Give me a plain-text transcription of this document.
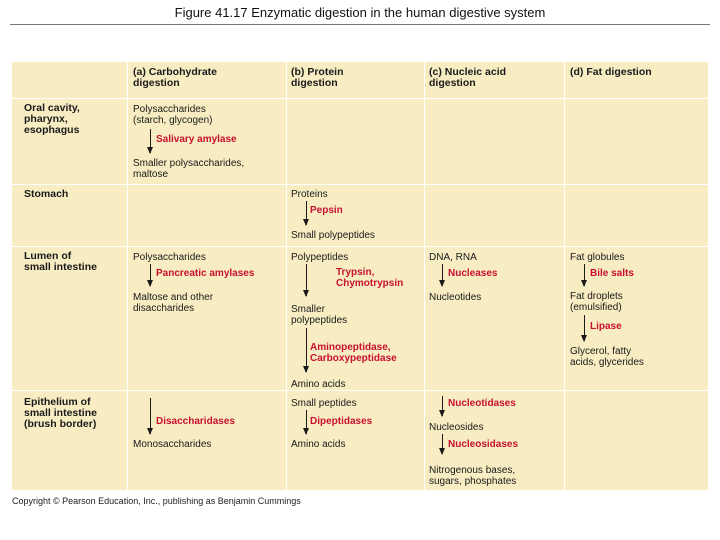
Figure 41.17 Enzymatic digestion in the human digestive system
(a) Carbohydrate
digestion
(b) Protein
digestion
(c) Nucleic acid
digestion
(d) Fat digestion
Oral cavity,
pharynx,
esophagus
Stomach
Lumen of
small intestine
Epithelium of
small intestine
(brush border)
Polysaccharides
(starch, glycogen)
Salivary amylase
Smaller polysaccharides,
maltose
Proteins
Pepsin
Small polypeptides
Polysaccharides
Pancreatic amylases
Maltose and other
disaccharides
Polypeptides
Trypsin,
Chymotrypsin
Smaller
polypeptides
Aminopeptidase,
Carboxypeptidase
Amino acids
DNA, RNA
Nucleases
Nucleotides
Fat globules
Bile salts
Fat droplets
(emulsified)
Lipase
Glycerol, fatty
acids, glycerides
Disaccharidases
Monosaccharides
Small peptides
Dipeptidases
Amino acids
Nucleotidases
Nucleosides
Nucleosidases
Nitrogenous bases,
sugars, phosphates
Copyright © Pearson Education, Inc., publishing as Benjamin Cummings
